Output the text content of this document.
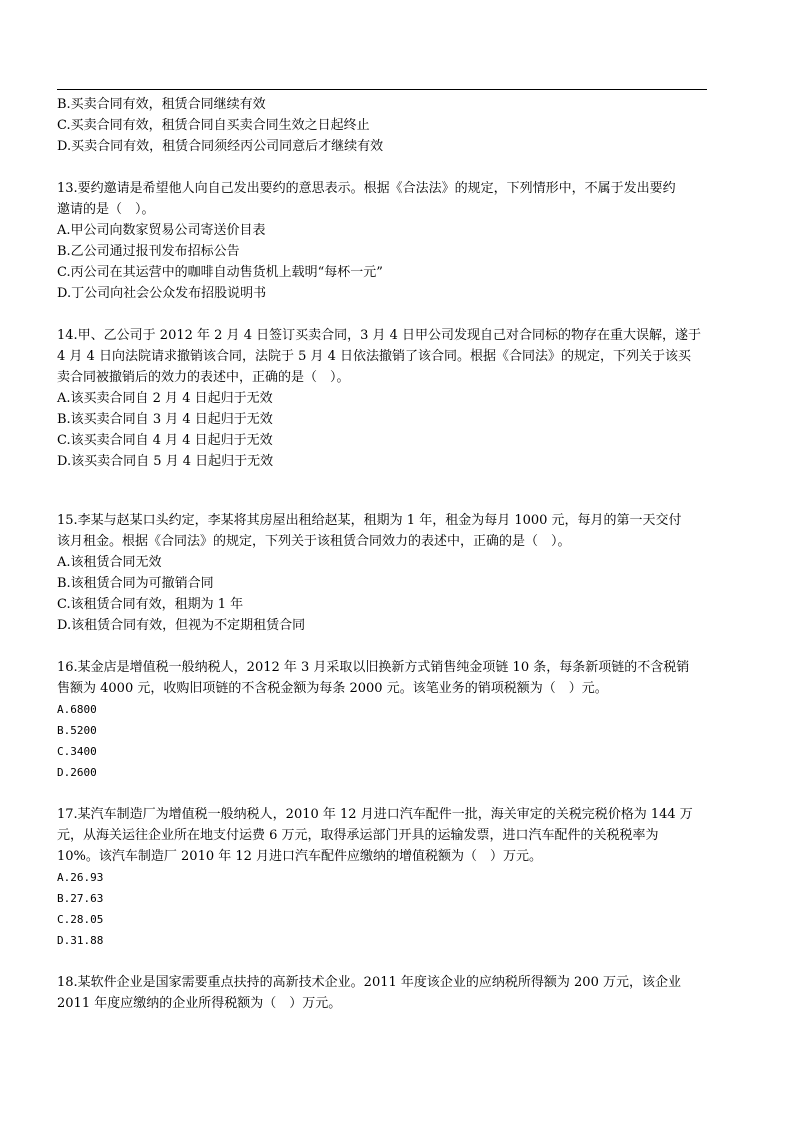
B.买卖合同有效，租赁合同继续有效
C.买卖合同有效，租赁合同自买卖合同生效之日起终止
D.买卖合同有效，租赁合同须经丙公司同意后才继续有效
13.要约邀请是希望他人向自己发出要约的意思表示。根据《合法法》的规定，下列情形中，不属于发出要约
邀请的是（　）。
A.甲公司向数家贸易公司寄送价目表
B.乙公司通过报刊发布招标公告
C.丙公司在其运营中的咖啡自动售货机上载明“每杯一元”
D.丁公司向社会公众发布招股说明书
14.甲、乙公司于 2012 年 2 月 4 日签订买卖合同，3 月 4 日甲公司发现自己对合同标的物存在重大误解，遂于
4 月 4 日向法院请求撤销该合同，法院于 5 月 4 日依法撤销了该合同。根据《合同法》的规定，下列关于该买
卖合同被撤销后的效力的表述中，正确的是（　）。
A.该买卖合同自 2 月 4 日起归于无效
B.该买卖合同自 3 月 4 日起归于无效
C.该买卖合同自 4 月 4 日起归于无效
D.该买卖合同自 5 月 4 日起归于无效
15.李某与赵某口头约定，李某将其房屋出租给赵某，租期为 1 年，租金为每月 1000 元，每月的第一天交付
该月租金。根据《合同法》的规定，下列关于该租赁合同效力的表述中，正确的是（　）。
A.该租赁合同无效
B.该租赁合同为可撤销合同
C.该租赁合同有效，租期为 1 年
D.该租赁合同有效，但视为不定期租赁合同
16.某金店是增值税一般纳税人，2012 年 3 月采取以旧换新方式销售纯金项链 10 条，每条新项链的不含税销
售额为 4000 元，收购旧项链的不含税金额为每条 2000 元。该笔业务的销项税额为（　）元。
A.6800
B.5200
C.3400
D.2600
17.某汽车制造厂为增值税一般纳税人，2010 年 12 月进口汽车配件一批，海关审定的关税完税价格为 144 万
元，从海关运往企业所在地支付运费 6 万元，取得承运部门开具的运输发票，进口汽车配件的关税税率为
10%。该汽车制造厂 2010 年 12 月进口汽车配件应缴纳的增值税额为（　）万元。
A.26.93
B.27.63
C.28.05
D.31.88
18.某软件企业是国家需要重点扶持的高新技术企业。2011 年度该企业的应纳税所得额为 200 万元，该企业
2011 年度应缴纳的企业所得税额为（　）万元。
